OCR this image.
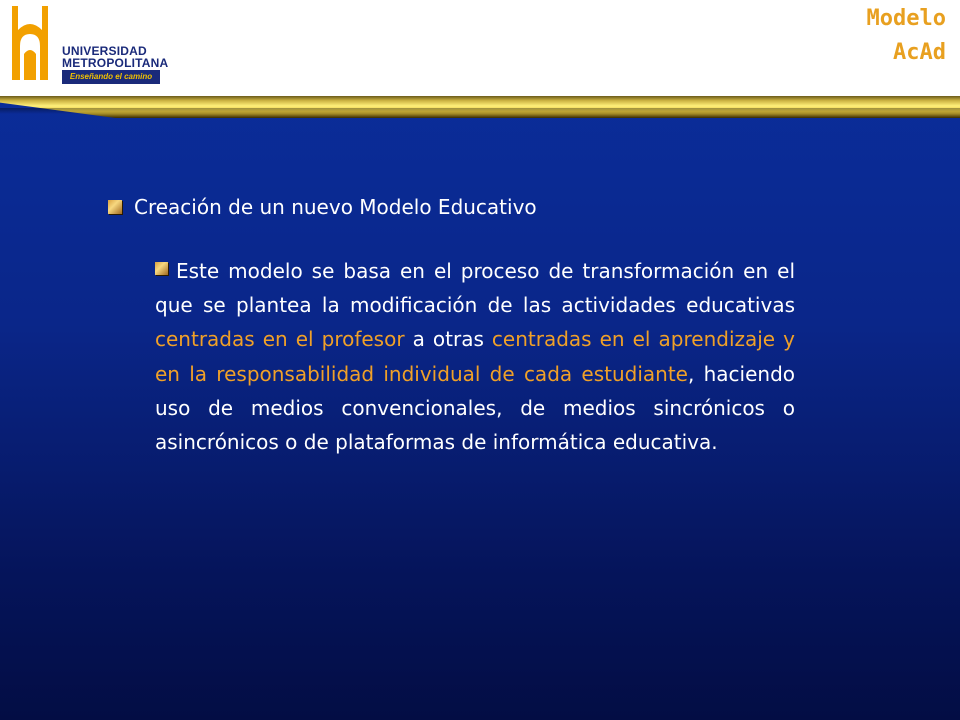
UNIVERSIDAD
METROPOLITANA
Enseñando el camino
Modelo
AcAd
Creación de un nuevo Modelo Educativo
Este modelo se basa en el proceso de transformación en el que se plantea la modificación de las actividades educativas centradas en el profesor a otras centradas en el aprendizaje y en la responsabilidad individual de cada estudiante, haciendo uso de medios convencionales, de medios sincrónicos o asincrónicos o de plataformas de informática educativa.
